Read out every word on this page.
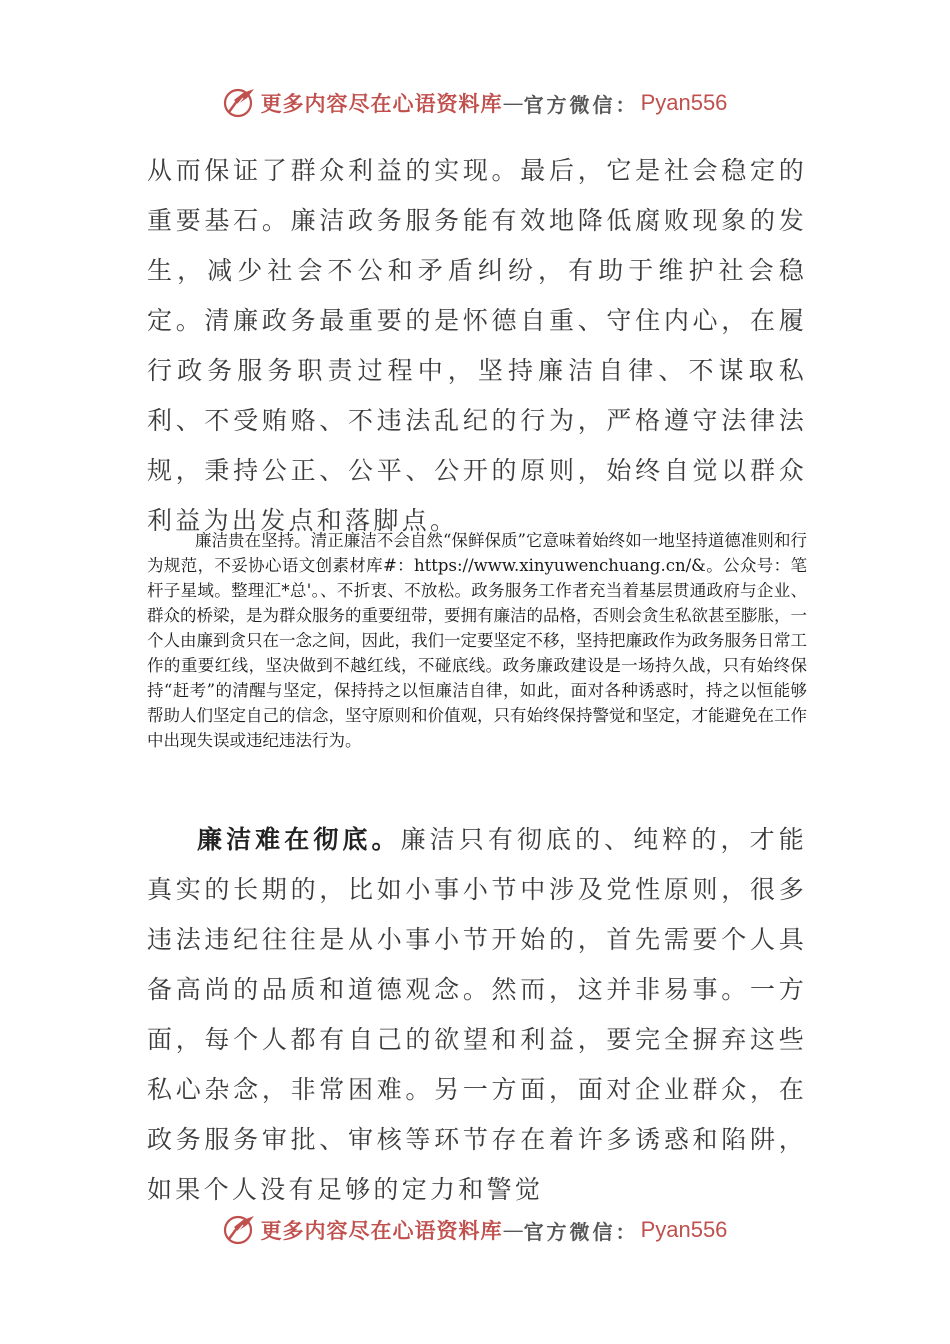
更多内容尽在心语资料库 — 官方微信： Pyan556

从而保证了群众利益的实现。最后，它是社会稳定的重要基石。廉洁政务服务能有效地降低腐败现象的发生，减少社会不公和矛盾纠纷，有助于维护社会稳定。清廉政务最重要的是怀德自重、守住内心，在履行政务服务职责过程中，坚持廉洁自律、不谋取私利、不受贿赂、不违法乱纪的行为，严格遵守法律法规，秉持公正、公平、公开的原则，始终自觉以群众利益为出发点和落脚点。

廉洁贵在坚持。清正廉洁不会自然“保鲜保质”它意味着始终如一地坚持道德准则和行为规范，不妥协心语文创素材库#：https://www.xinyuwenchuang.cn/&。公众号：笔杆子星域。整理汇*总'。、不折衷、不放松。政务服务工作者充当着基层贯通政府与企业、群众的桥梁，是为群众服务的重要纽带，要拥有廉洁的品格，否则会贪生私欲甚至膨胀，一个人由廉到贪只在一念之间，因此，我们一定要坚定不移，坚持把廉政作为政务服务日常工作的重要红线，坚决做到不越红线，不碰底线。政务廉政建设是一场持久战，只有始终保持“赶考”的清醒与坚定，保持持之以恒廉洁自律，如此，面对各种诱惑时，持之以恒能够帮助人们坚定自己的信念，坚守原则和价值观，只有始终保持警觉和坚定，才能避免在工作中出现失误或违纪违法行为。

廉洁难在彻底。廉洁只有彻底的、纯粹的，才能真实的长期的，比如小事小节中涉及党性原则，很多违法违纪往往是从小事小节开始的，首先需要个人具备高尚的品质和道德观念。然而，这并非易事。一方面，每个人都有自己的欲望和利益，要完全摒弃这些私心杂念，非常困难。另一方面，面对企业群众，在政务服务审批、审核等环节存在着许多诱惑和陷阱，如果个人没有足够的定力和警觉

更多内容尽在心语资料库 — 官方微信： Pyan556
